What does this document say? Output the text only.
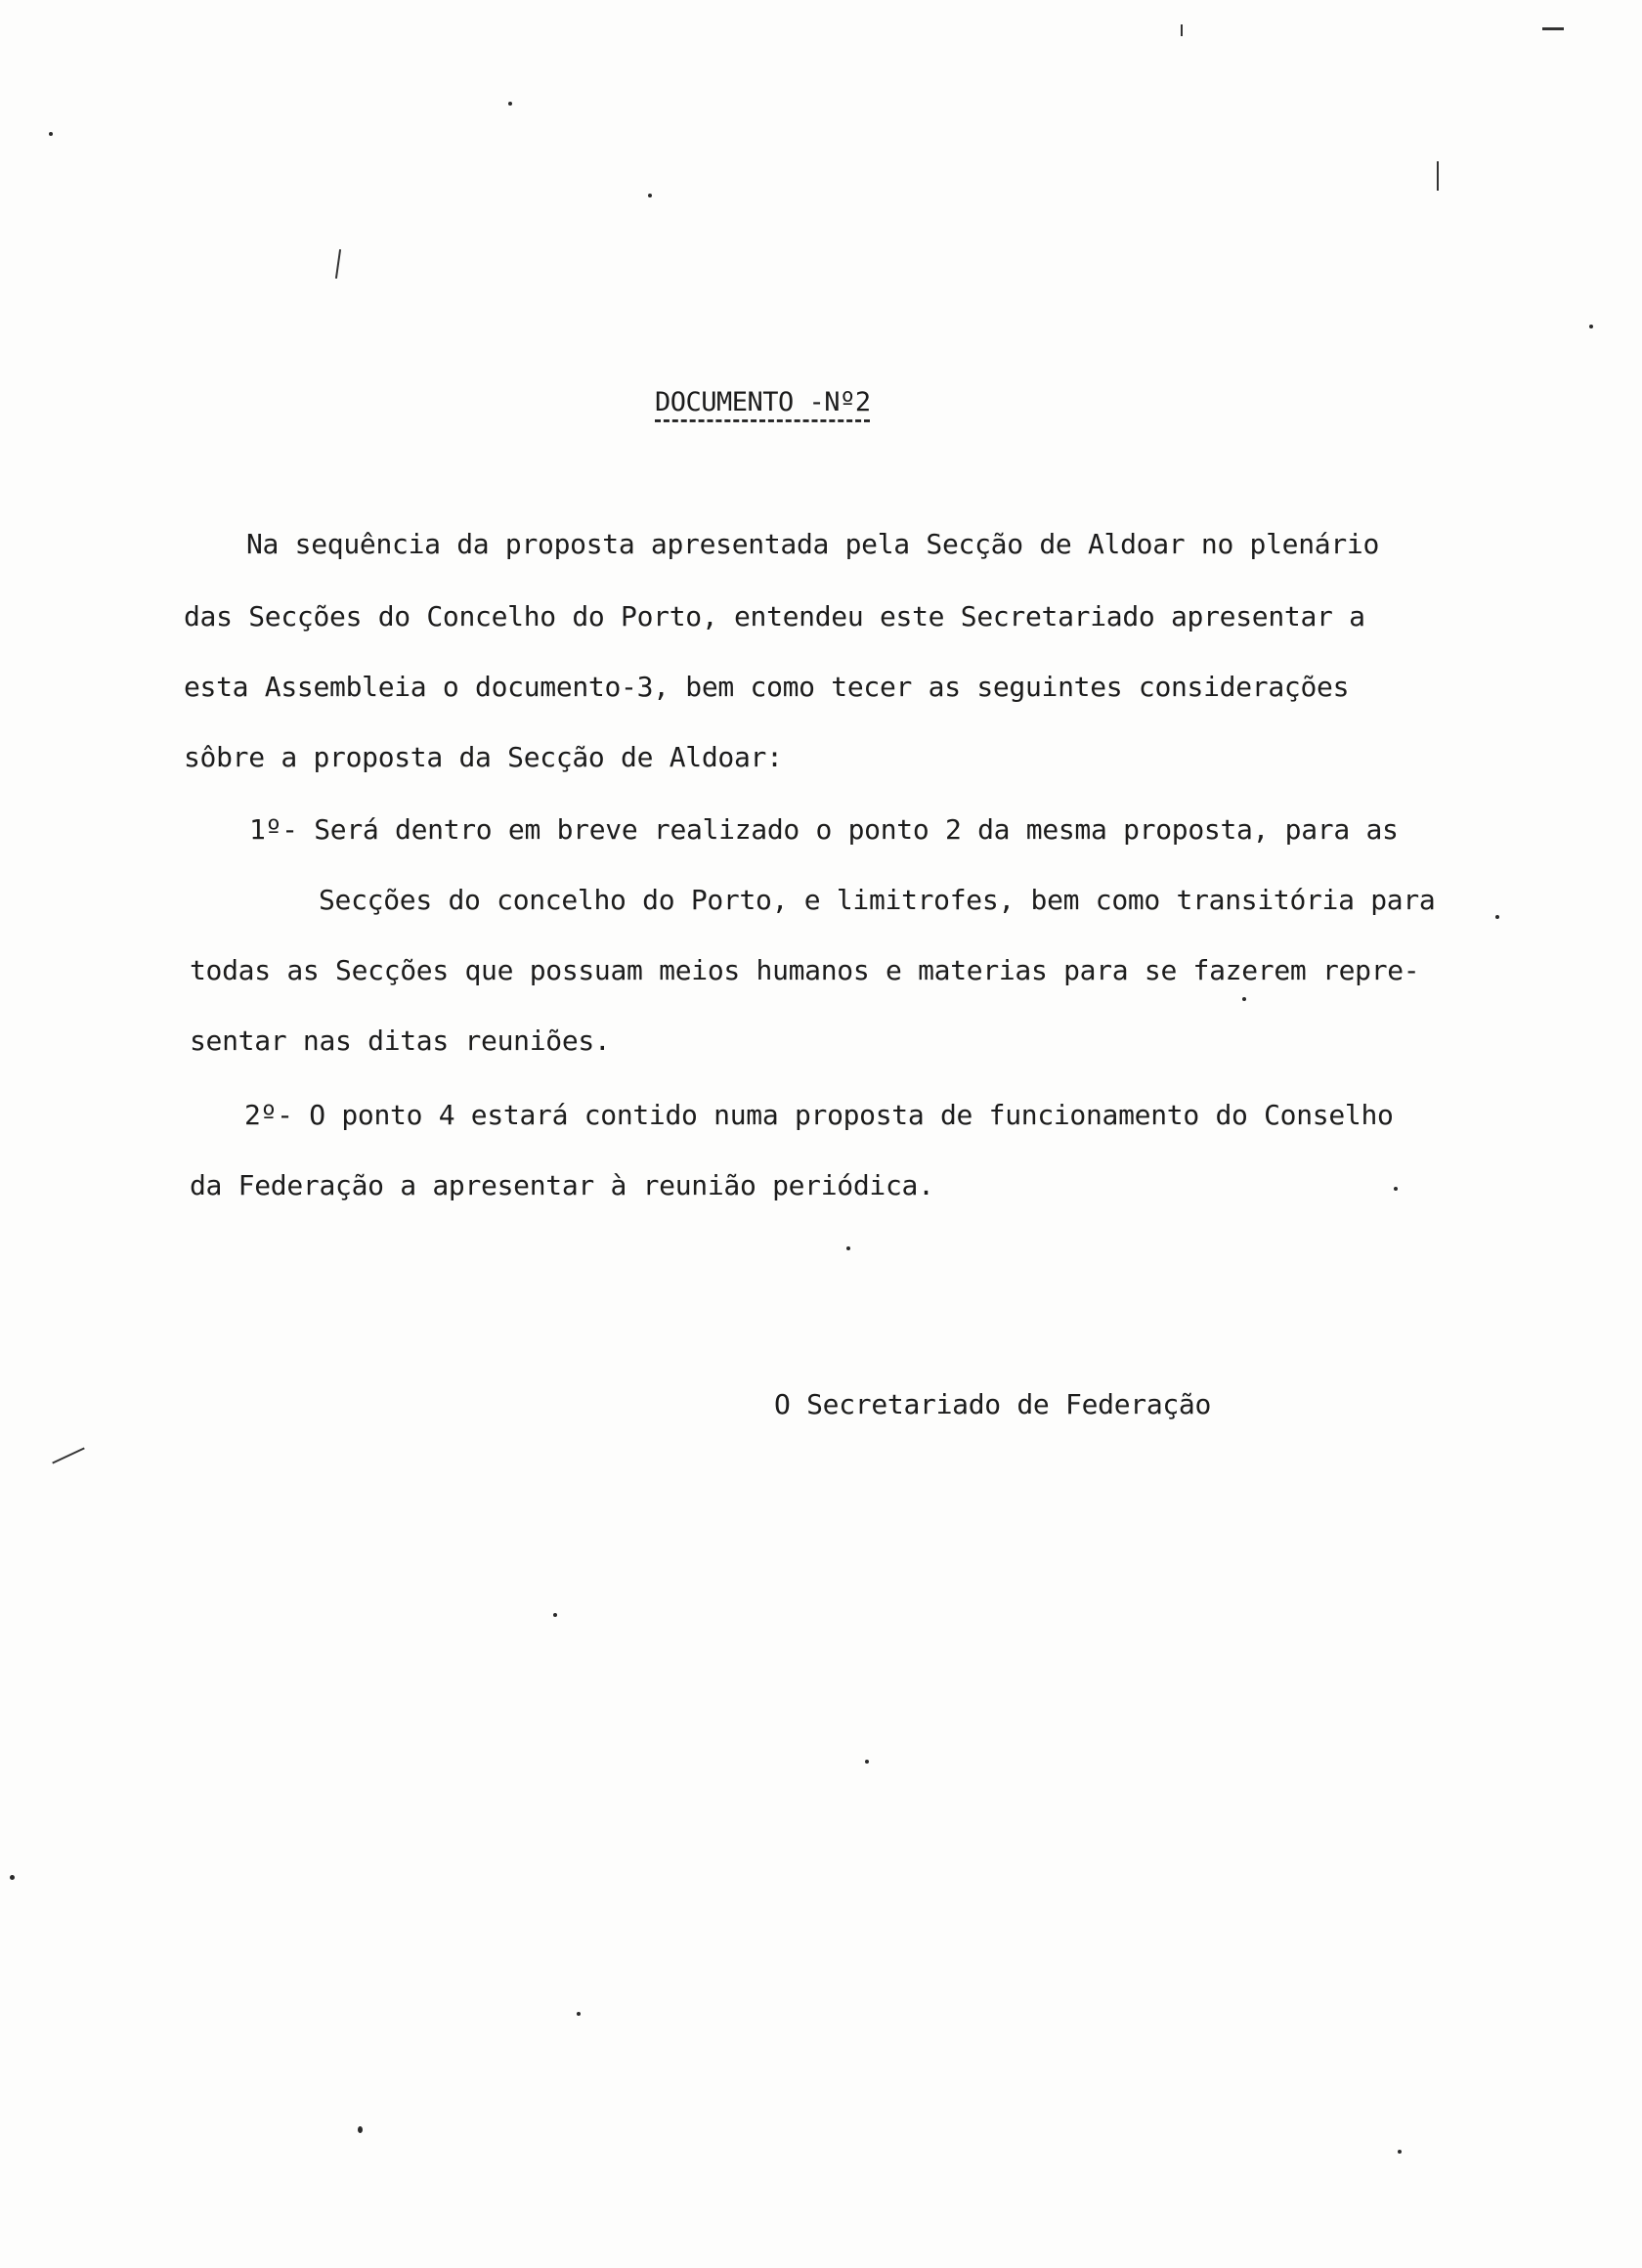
DOCUMENTO -Nº2
Na sequência da proposta apresentada pela Secção de Aldoar no plenário
das Secções do Concelho do Porto, entendeu este Secretariado apresentar a
esta Assembleia o documento-3, bem como tecer as seguintes considerações
sôbre a proposta da Secção de Aldoar:
1º- Será dentro em breve realizado o ponto 2 da mesma proposta, para as
Secções do concelho do Porto, e limitrofes, bem como transitória para
todas as Secções que possuam meios humanos e materias para se fazerem repre-
sentar nas ditas reuniões.
2º- O ponto 4 estará contido numa proposta de funcionamento do Conselho
da Federação a apresentar à reunião periódica.
O Secretariado de Federação
